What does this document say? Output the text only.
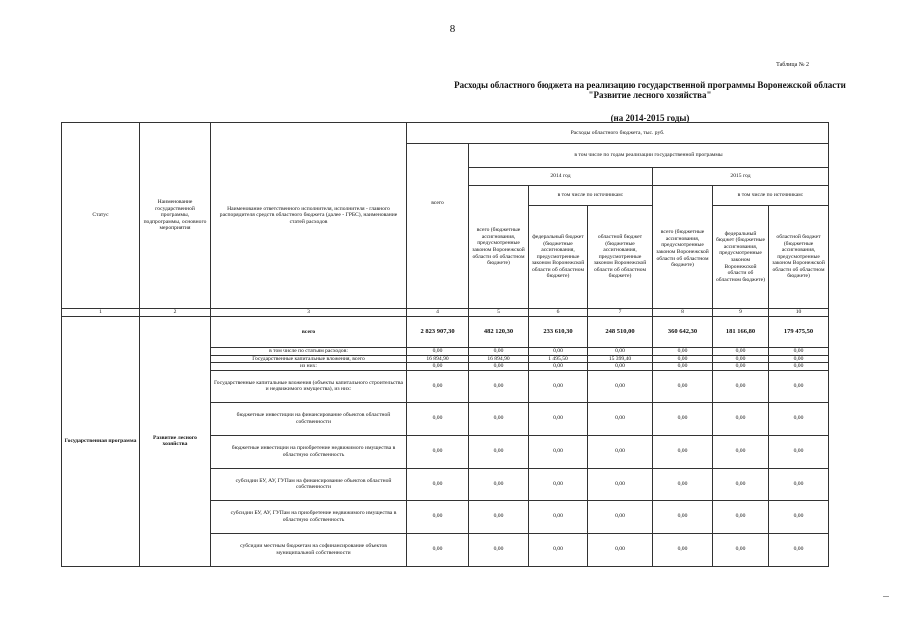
8
Таблица № 2
Расходы областного бюджета на реализацию государственной программы Воронежской области
"Развитие лесного хозяйства"
(на 2014-2015 годы)
Статус	Наименование государственной программы, подпрограммы, основного мероприятия	Наименование ответственного исполнителя, исполнителя - главного распорядителя средств областного бюджета (далее - ГРБС), наименование статей расходов	Расходы областного бюджета, тыс. руб.						
			всего	в том числе по годам реализации государственной программы					
				2014 год			2015 год		
				всего (бюджетные ассигнования, предусмотренные законом Воронежской области об областном бюджете)	в том числе по источникам:		всего (бюджетные ассигнования, предусмотренные законом Воронежской области об областном бюджете)	в том числе по источникам:	
					федеральный бюджет (бюджетные ассигнования, предусмотренные законом Воронежской области об областном бюджете)	областной бюджет (бюджетные ассигнования, предусмотренные законом Воронежской области об областном бюджете)		федеральный бюджет (бюджетные ассигнования, предусмотренные законом Воронежской области об областном бюджете)	областной бюджет (бюджетные ассигнования, предусмотренные законом Воронежской области об областном бюджете)
1	2	3	4	5	6	7	8	9	10
Государственная программа	Развитие лесного хозяйства	всего	2 823 907,30	482 120,30	233 610,30	248 510,00	360 642,30	181 166,80	179 475,50
		в том числе по статьям расходов:	0,00	0,00	0,00	0,00	0,00	0,00	0,00
		Государственные капитальные вложения, всего	16 894,90	16 894,90	1 495,50	15 399,40	0,00	0,00	0,00
		из них:	0,00	0,00	0,00	0,00	0,00	0,00	0,00
		Государственные капитальные вложения (объекты капитального строительства и недвижимого имущества), из них:	0,00	0,00	0,00	0,00	0,00	0,00	0,00
		бюджетные инвестиции на финансирование объектов областной собственности	0,00	0,00	0,00	0,00	0,00	0,00	0,00
		бюджетные инвестиции на приобретение недвижимого имущества в областную собственность	0,00	0,00	0,00	0,00	0,00	0,00	0,00
		субсидии БУ, АУ, ГУПам на финансирование объектов областной собственности	0,00	0,00	0,00	0,00	0,00	0,00	0,00
		субсидии БУ, АУ, ГУПам на приобретение недвижимого имущества в областную собственность	0,00	0,00	0,00	0,00	0,00	0,00	0,00
		субсидии местным бюджетам на софинансирование объектов муниципальной собственности	0,00	0,00	0,00	0,00	0,00	0,00	0,00
